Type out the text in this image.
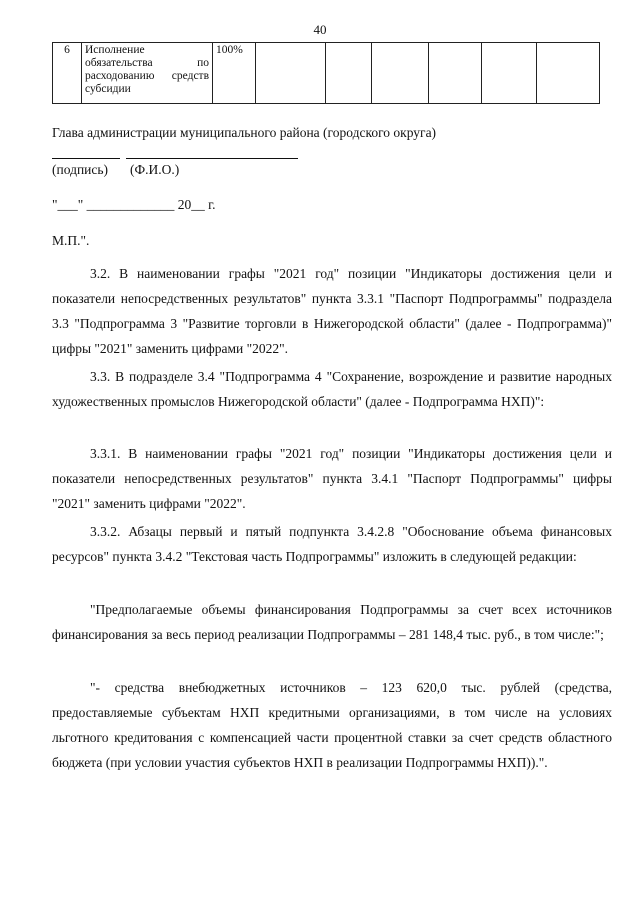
40
6	Исполнение обязательства по расходованию средств субсидии	100%						
Глава администрации муниципального района (городского округа)
(подпись) (Ф.И.О.)
"___" _____________ 20__ г.
М.П.".
3.2. В наименовании графы "2021 год" позиции "Индикаторы достижения цели и показатели непосредственных результатов" пункта 3.3.1 "Паспорт Подпрограммы" подраздела 3.3 "Подпрограмма 3 "Развитие торговли в Нижегородской области" (далее - Подпрограмма)" цифры "2021" заменить цифрами "2022".
3.3. В подразделе 3.4 "Подпрограмма 4 "Сохранение, возрождение и развитие народных художественных промыслов Нижегородской области" (далее - Подпрограмма НХП)":
3.3.1. В наименовании графы "2021 год" позиции "Индикаторы достижения цели и показатели непосредственных результатов" пункта 3.4.1 "Паспорт Подпрограммы" цифры "2021" заменить цифрами "2022".
3.3.2. Абзацы первый и пятый подпункта 3.4.2.8 "Обоснование объема финансовых ресурсов" пункта 3.4.2 "Текстовая часть Подпрограммы" изложить в следующей редакции:
"Предполагаемые объемы финансирования Подпрограммы за счет всех источников финансирования за весь период реализации Подпрограммы – 281 148,4 тыс. руб., в том числе:";
"- средства внебюджетных источников – 123 620,0 тыс. рублей (средства, предоставляемые субъектам НХП кредитными организациями, в том числе на условиях льготного кредитования с компенсацией части процентной ставки за счет средств областного бюджета (при условии участия субъектов НХП в реализации Подпрограммы НХП)).".
